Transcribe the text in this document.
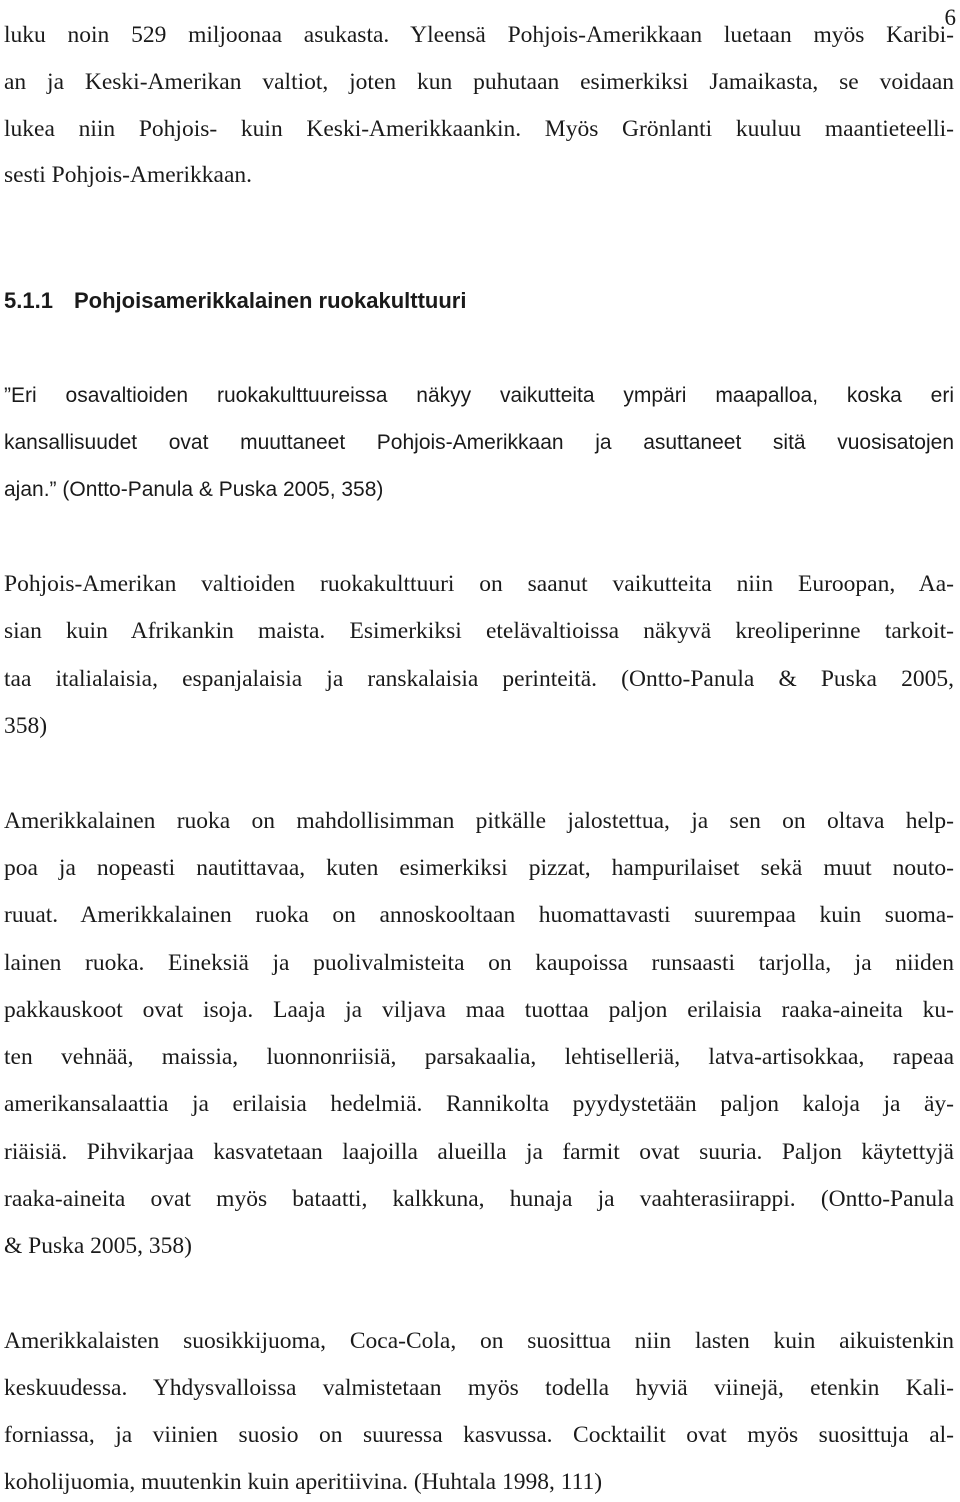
6
luku noin 529 miljoonaa asukasta. Yleensä Pohjois-Amerikkaan luetaan myös Karibi-
an ja Keski-Amerikan valtiot, joten kun puhutaan esimerkiksi Jamaikasta, se voidaan
lukea niin Pohjois- kuin Keski-Amerikkaankin. Myös Grönlanti kuuluu maantieteelli-
sesti Pohjois-Amerikkaan.
5.1.1 Pohjoisamerikkalainen ruokakulttuuri
”Eri osavaltioiden ruokakulttuureissa näkyy vaikutteita ympäri maapalloa, koska eri
kansallisuudet ovat muuttaneet Pohjois-Amerikkaan ja asuttaneet sitä vuosisatojen
ajan.” (Ontto-Panula & Puska 2005, 358)
Pohjois-Amerikan valtioiden ruokakulttuuri on saanut vaikutteita niin Euroopan, Aa-
sian kuin Afrikankin maista. Esimerkiksi etelävaltioissa näkyvä kreoliperinne tarkoit-
taa italialaisia, espanjalaisia ja ranskalaisia perinteitä. (Ontto-Panula & Puska 2005,
358)
Amerikkalainen ruoka on mahdollisimman pitkälle jalostettua, ja sen on oltava help-
poa ja nopeasti nautittavaa, kuten esimerkiksi pizzat, hampurilaiset sekä muut nouto-
ruuat. Amerikkalainen ruoka on annoskooltaan huomattavasti suurempaa kuin suoma-
lainen ruoka. Eineksiä ja puolivalmisteita on kaupoissa runsaasti tarjolla, ja niiden
pakkauskoot ovat isoja. Laaja ja viljava maa tuottaa paljon erilaisia raaka-aineita ku-
ten vehnää, maissia, luonnonriisiä, parsakaalia, lehtiselleriä, latva-artisokkaa, rapeaa
amerikansalaattia ja erilaisia hedelmiä. Rannikolta pyydystetään paljon kaloja ja äy-
riäisiä. Pihvikarjaa kasvatetaan laajoilla alueilla ja farmit ovat suuria. Paljon käytettyjä
raaka-aineita ovat myös bataatti, kalkkuna, hunaja ja vaahterasiirappi. (Ontto-Panula
& Puska 2005, 358)
Amerikkalaisten suosikkijuoma, Coca-Cola, on suosittua niin lasten kuin aikuistenkin
keskuudessa. Yhdysvalloissa valmistetaan myös todella hyviä viinejä, etenkin Kali-
forniassa, ja viinien suosio on suuressa kasvussa. Cocktailit ovat myös suosittuja al-
koholijuomia, muutenkin kuin aperitiivina. (Huhtala 1998, 111)
